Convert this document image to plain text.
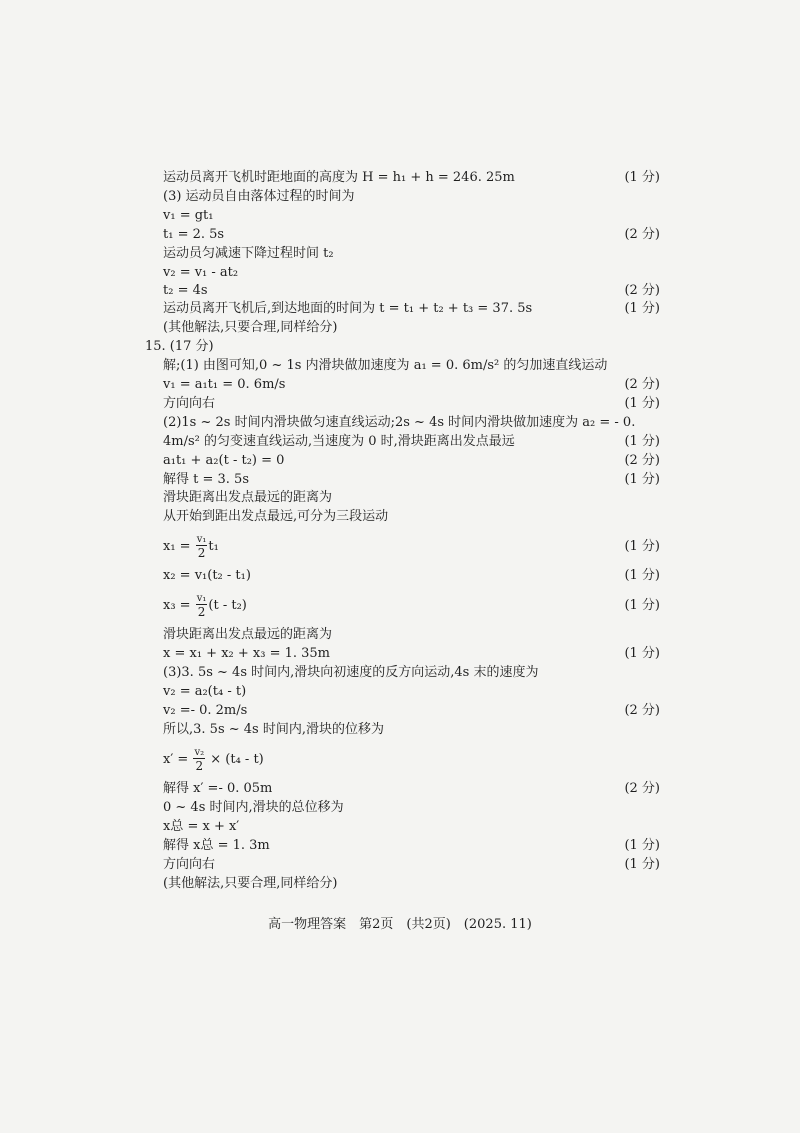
运动员离开飞机时距地面的高度为 H = h₁ + h = 246. 25m	(1 分)
(3) 运动员自由落体过程的时间为
v₁ = gt₁
t₁ = 2. 5s	(2 分)
运动员匀减速下降过程时间 t₂
v₂ = v₁ - at₂
t₂ = 4s	(2 分)
运动员离开飞机后,到达地面的时间为 t = t₁ + t₂ + t₃ = 37. 5s	(1 分)
(其他解法,只要合理,同样给分)
15. (17 分)
解;(1) 由图可知,0 ~ 1s 内滑块做加速度为 a₁ = 0. 6m/s² 的匀加速直线运动
v₁ = a₁t₁ = 0. 6m/s	(2 分)
方向向右	(1 分)
(2)1s ~ 2s 时间内滑块做匀速直线运动;2s ~ 4s 时间内滑块做加速度为 a₂ = - 0.
4m/s² 的匀变速直线运动,当速度为 0 时,滑块距离出发点最远	(1 分)
a₁t₁ + a₂(t - t₂) = 0	(2 分)
解得 t = 3. 5s	(1 分)
滑块距离出发点最远的距离为
从开始到距出发点最远,可分为三段运动
$x_1 = \frac{\text{v₁}}{2} t_1$	(1 分)
x₂ = v₁(t₂ - t₁)	(1 分)
$x_3 = \frac{\text{v₁}}{2} (t - t_2)$	(1 分)
滑块距离出发点最远的距离为
x = x₁ + x₂ + x₃ = 1. 35m	(1 分)
(3)3. 5s ~ 4s 时间内,滑块向初速度的反方向运动,4s 末的速度为
v₂ = a₂(t₄ - t)
v₂ =- 0. 2m/s	(2 分)
所以,3. 5s ~ 4s 时间内,滑块的位移为
$x' = \frac{\text{v₂}}{2} \times (t_4 - t)$
解得 x′ =- 0. 05m	(2 分)
0 ~ 4s 时间内,滑块的总位移为
x总 = x + x′
解得 x总 = 1. 3m	(1 分)
方向向右	(1 分)
(其他解法,只要合理,同样给分)
高一物理答案　第2页　(共2页)　(2025. 11)
